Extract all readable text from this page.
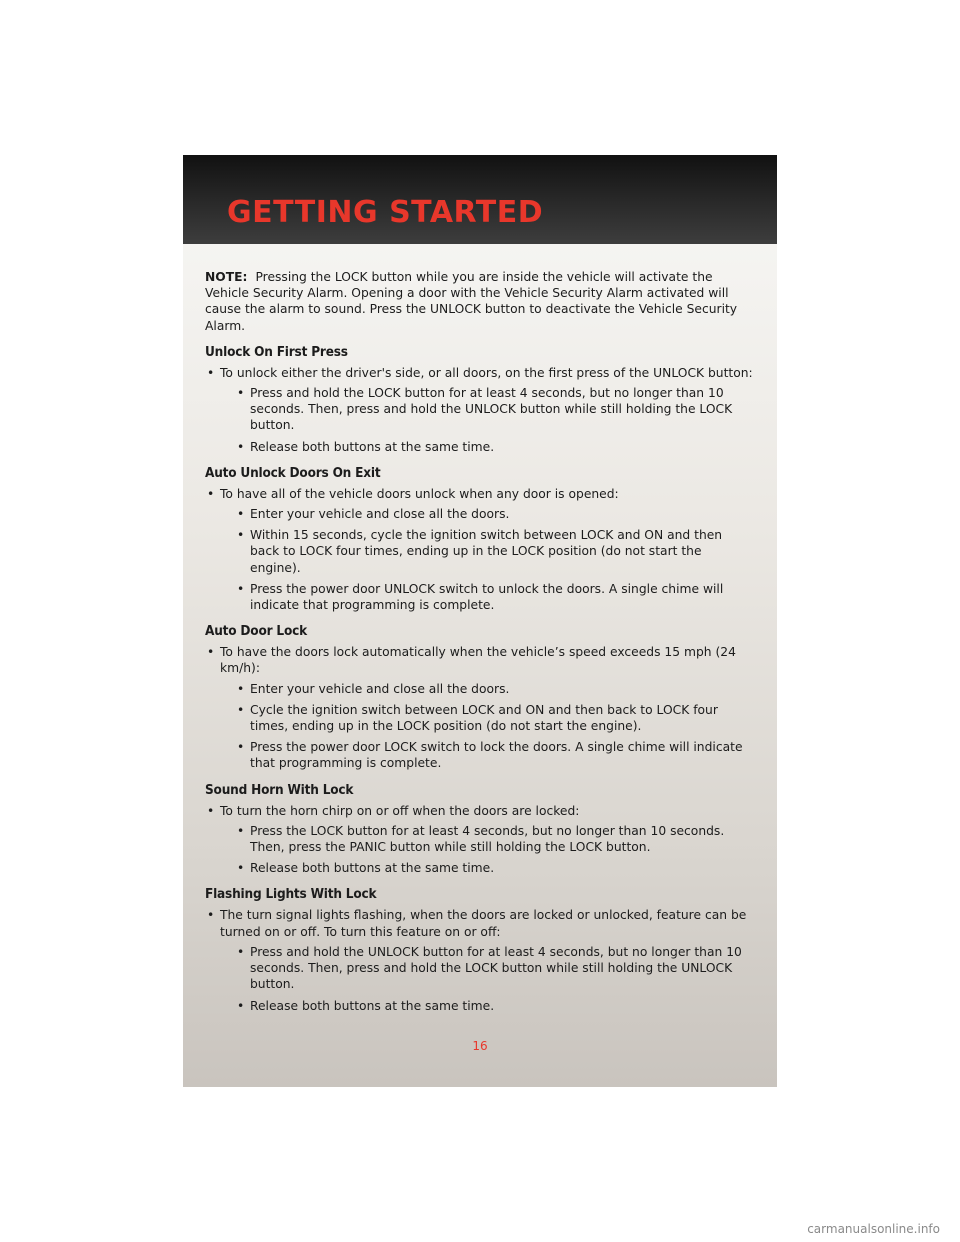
GETTING STARTED

NOTE: Pressing the LOCK button while you are inside the vehicle will activate the Vehicle Security Alarm. Opening a door with the Vehicle Security Alarm activated will cause the alarm to sound. Press the UNLOCK button to deactivate the Vehicle Security Alarm.

Unlock On First Press

• To unlock either the driver's side, or all doors, on the first press of the UNLOCK button:

• Press and hold the LOCK button for at least 4 seconds, but no longer than 10 seconds. Then, press and hold the UNLOCK button while still holding the LOCK button.

• Release both buttons at the same time.

Auto Unlock Doors On Exit

• To have all of the vehicle doors unlock when any door is opened:

• Enter your vehicle and close all the doors.

• Within 15 seconds, cycle the ignition switch between LOCK and ON and then back to LOCK four times, ending up in the LOCK position (do not start the engine).

• Press the power door UNLOCK switch to unlock the doors. A single chime will indicate that programming is complete.

Auto Door Lock

• To have the doors lock automatically when the vehicle’s speed exceeds 15 mph (24 km/h):

• Enter your vehicle and close all the doors.

• Cycle the ignition switch between LOCK and ON and then back to LOCK four times, ending up in the LOCK position (do not start the engine).

• Press the power door LOCK switch to lock the doors. A single chime will indicate that programming is complete.

Sound Horn With Lock

• To turn the horn chirp on or off when the doors are locked:

• Press the LOCK button for at least 4 seconds, but no longer than 10 seconds. Then, press the PANIC button while still holding the LOCK button.

• Release both buttons at the same time.

Flashing Lights With Lock

• The turn signal lights flashing, when the doors are locked or unlocked, feature can be turned on or off. To turn this feature on or off:

• Press and hold the UNLOCK button for at least 4 seconds, but no longer than 10 seconds. Then, press and hold the LOCK button while still holding the UNLOCK button.

• Release both buttons at the same time.

16
carmanualsonline.info
